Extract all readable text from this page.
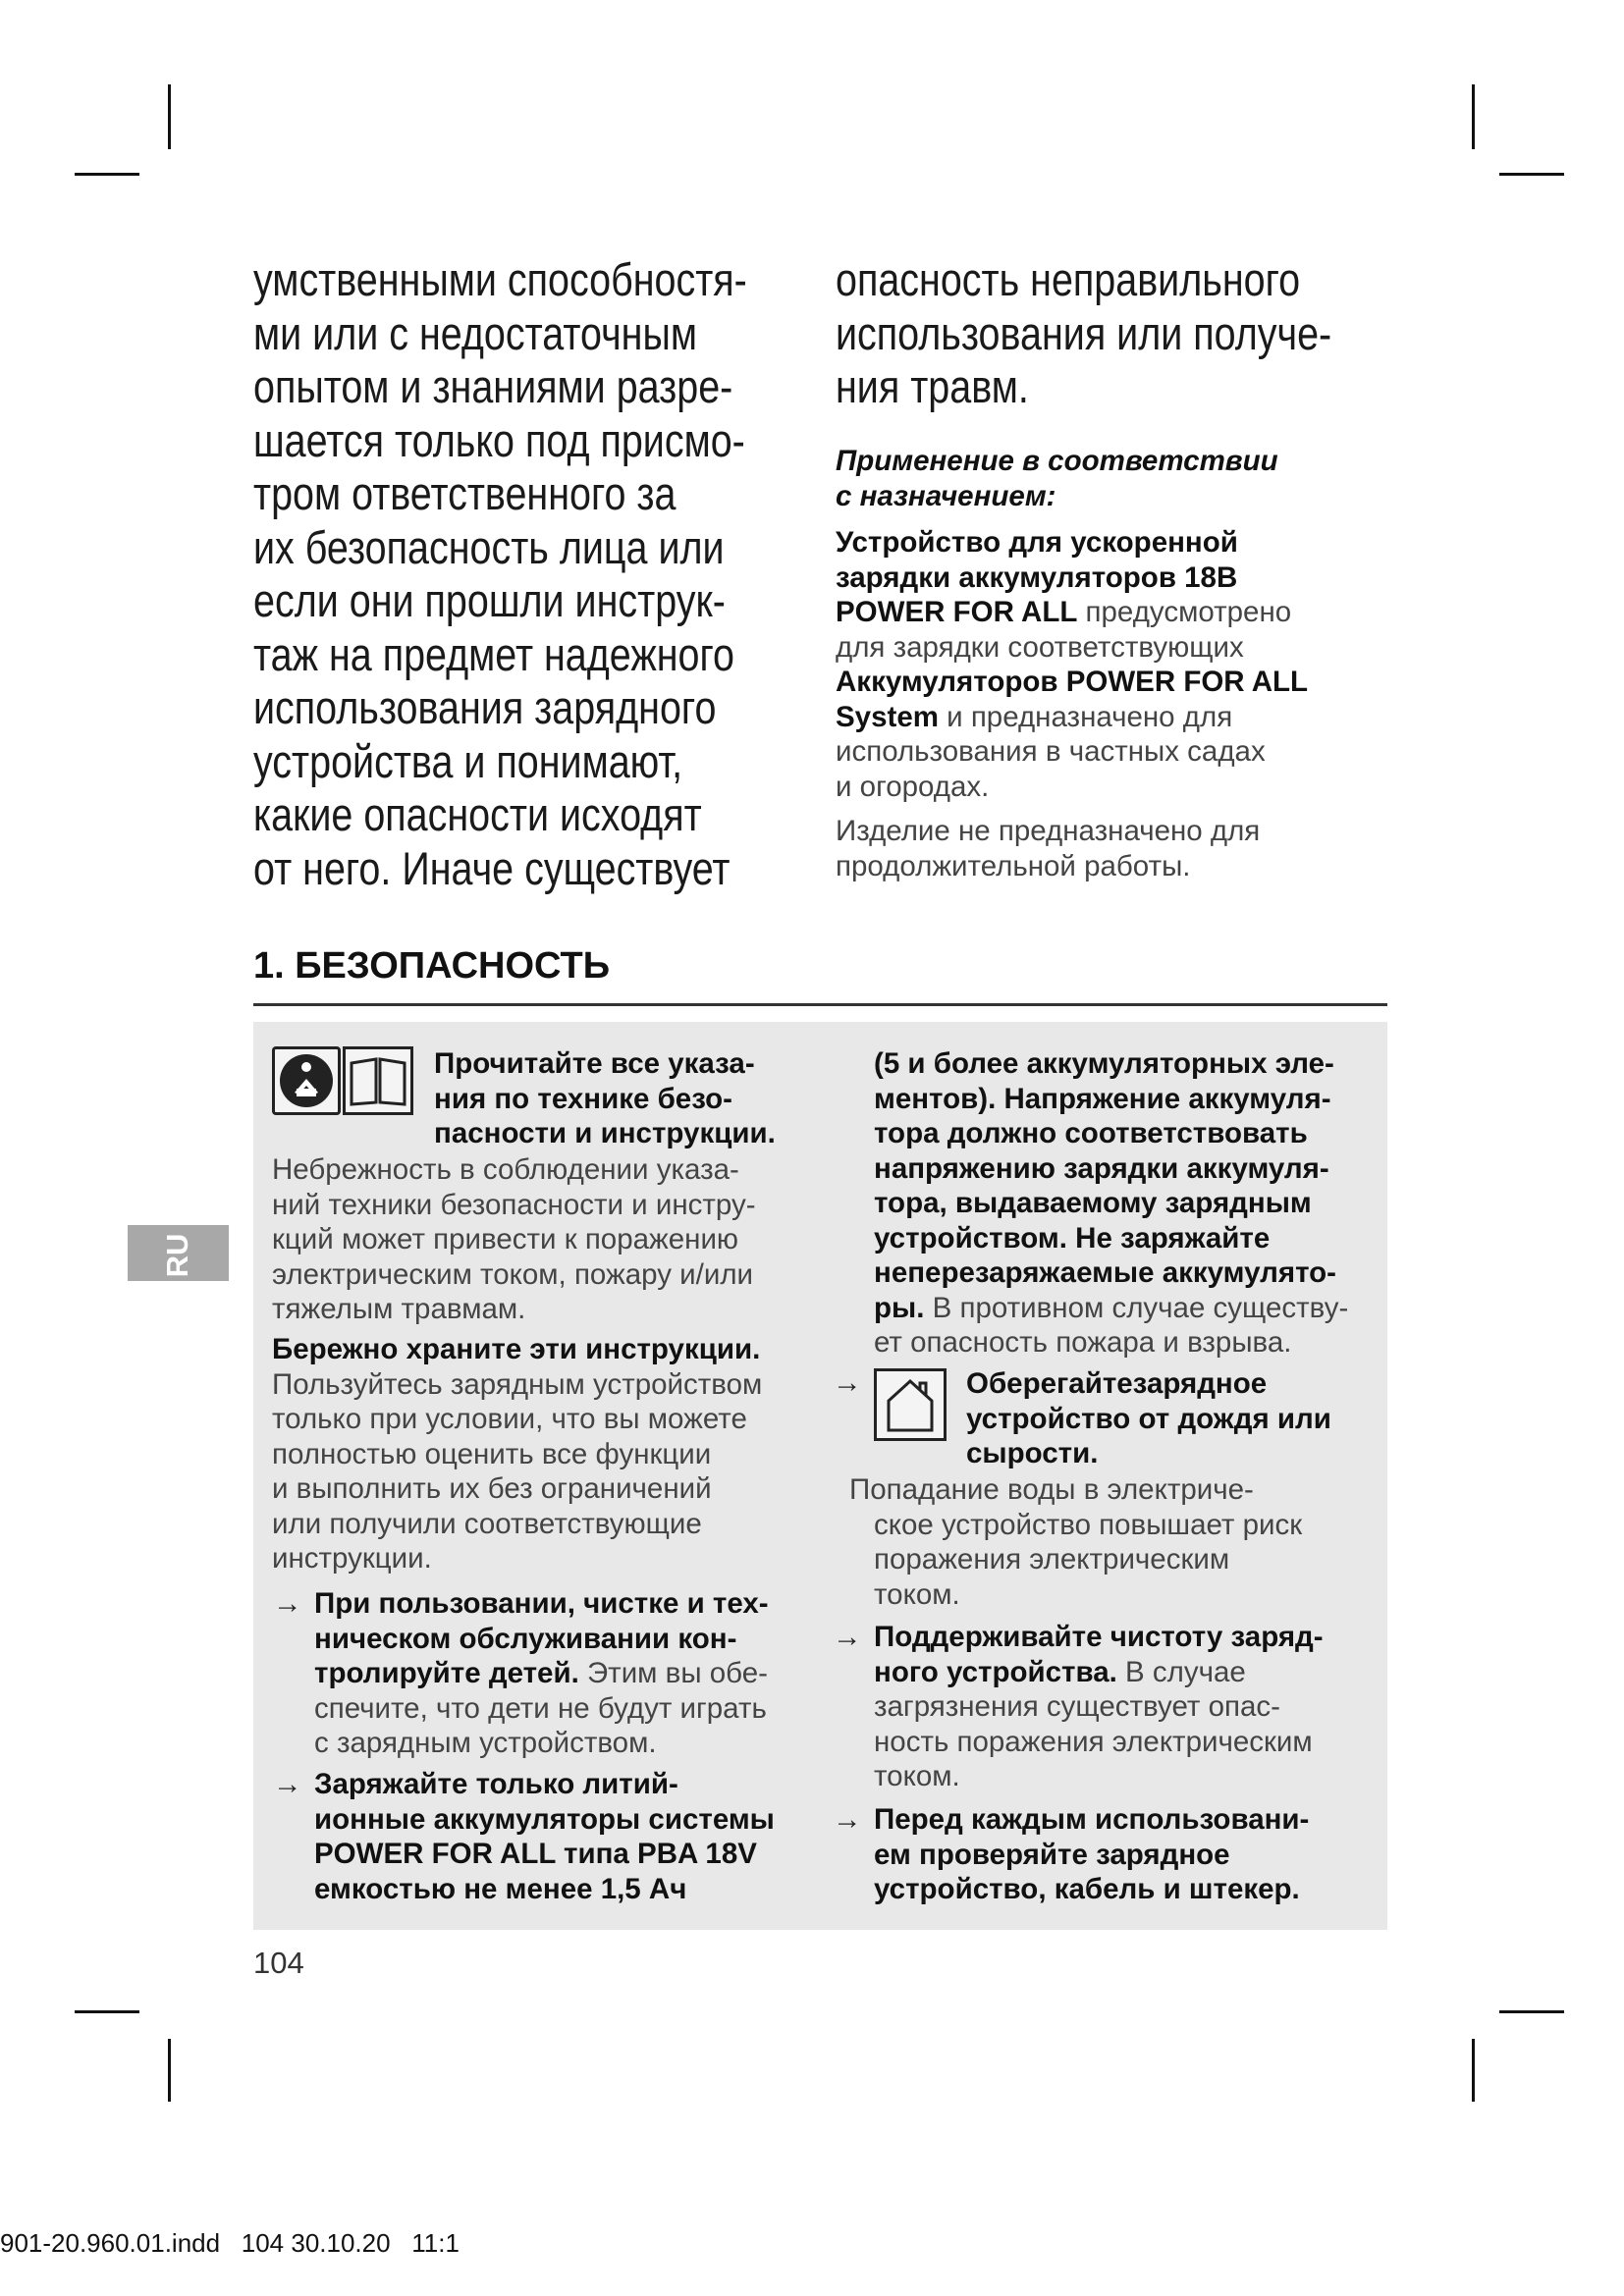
умственными способностя-
ми или с недостаточным
опытом и знаниями разре-
шается только под присмо-
тром ответственного за
их безопасность лица или
если они прошли инструк-
таж на предмет надежного
использования зарядного
устройства и понимают,
какие опасности исходят
от него. Иначе существует
опасность неправильного
использования или получе-
ния травм.
Применение в соответствии
с назначением:
Устройство для ускоренной
зарядки аккумуляторов 18В
POWER FOR ALL предусмотрено
для зарядки соответствующих
Аккумуляторов POWER FOR ALL
System и предназначено для
использования в частных садах
и огородах.
Изделие не предназначено для
продолжительной работы.
1. БЕЗОПАСНОСТЬ
RU
Прочитайте все указа-
ния по технике безо-
пасности и инструкции.
Небрежность в соблюдении указа-
ний техники безопасности и инстру-
кций может привести к поражению
электрическим током, пожару и/или
тяжелым травмам.
Бережно храните эти инструкции.
Пользуйтесь зарядным устройством
только при условии, что вы можете
полностью оценить все функции
и выполнить их без ограничений
или получили соответствующие
инструкции.
→ При пользовании, чистке и тех-
ническом обслуживании кон-
тролируйте детей. Этим вы обе-
спечите, что дети не будут играть
с зарядным устройством.
→ Заряжайте только литий-
ионные аккумуляторы системы
POWER FOR ALL типа PBA 18V
емкостью не менее 1,5 Ач
(5 и более аккумуляторных эле-
ментов). Напряжение аккумуля-
тора должно соответствовать
напряжению зарядки аккумуля-
тора, выдаваемому зарядным
устройством. Не заряжайте
неперезаряжаемые аккумулято-
ры. В противном случае существу-
ет опасность пожара и взрыва.
→	Оберегайтезарядное
устройство от дождя или
сырости.
Попадание воды в электриче-
ское устройство повышает риск
поражения электрическим
током.
→ Поддерживайте чистоту заряд-
ного устройства. В случае
загрязнения существует опас-
ность поражения электрическим
током.
→ Перед каждым использовани-
ем проверяйте зарядное
устройство, кабель и штекер.
104
901-20.960.01.indd   104 30.10.20   11:1
